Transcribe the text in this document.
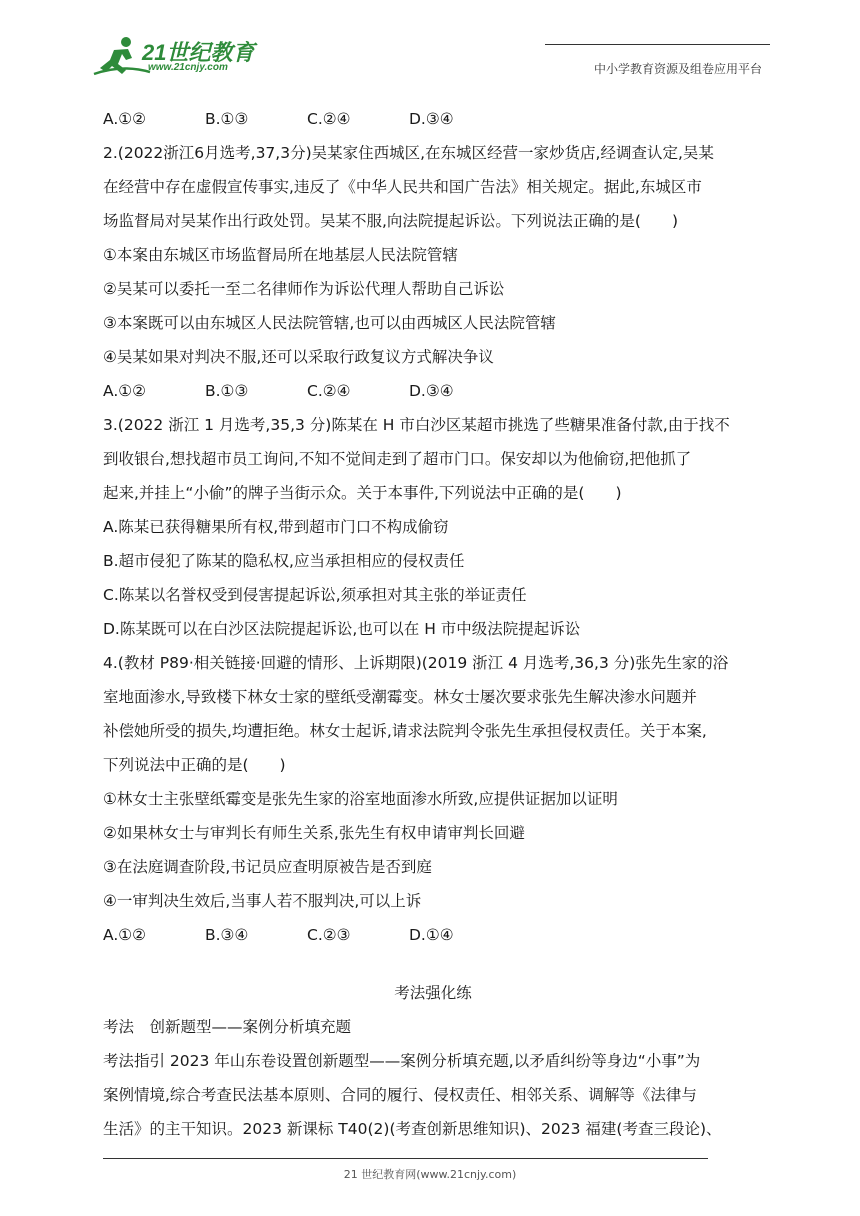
21世纪教育
www.21cnjy.com	中小学教育资源及组卷应用平台
A.①②	B.①③	C.②④	D.③④
2.(2022浙江6月选考,37,3分)吴某家住西城区,在东城区经营一家炒货店,经调查认定,吴某
在经营中存在虚假宣传事实,违反了《中华人民共和国广告法》相关规定。据此,东城区市
场监督局对吴某作出行政处罚。吴某不服,向法院提起诉讼。下列说法正确的是(　　)
①本案由东城区市场监督局所在地基层人民法院管辖
②吴某可以委托一至二名律师作为诉讼代理人帮助自己诉讼
③本案既可以由东城区人民法院管辖,也可以由西城区人民法院管辖
④吴某如果对判决不服,还可以采取行政复议方式解决争议
A.①②	B.①③	C.②④	D.③④
3.(2022 浙江 1 月选考,35,3 分)陈某在 H 市白沙区某超市挑选了些糖果准备付款,由于找不
到收银台,想找超市员工询问,不知不觉间走到了超市门口。保安却以为他偷窃,把他抓了
起来,并挂上“小偷”的牌子当街示众。关于本事件,下列说法中正确的是(　　)
A.陈某已获得糖果所有权,带到超市门口不构成偷窃
B.超市侵犯了陈某的隐私权,应当承担相应的侵权责任
C.陈某以名誉权受到侵害提起诉讼,须承担对其主张的举证责任
D.陈某既可以在白沙区法院提起诉讼,也可以在 H 市中级法院提起诉讼
4.(教材 P89·相关链接·回避的情形、上诉期限)(2019 浙江 4 月选考,36,3 分)张先生家的浴
室地面渗水,导致楼下林女士家的壁纸受潮霉变。林女士屡次要求张先生解决渗水问题并
补偿她所受的损失,均遭拒绝。林女士起诉,请求法院判令张先生承担侵权责任。关于本案,
下列说法中正确的是(　　)
①林女士主张壁纸霉变是张先生家的浴室地面渗水所致,应提供证据加以证明
②如果林女士与审判长有师生关系,张先生有权申请审判长回避
③在法庭调查阶段,书记员应查明原被告是否到庭
④一审判决生效后,当事人若不服判决,可以上诉
A.①②	B.③④	C.②③	D.①④
考法强化练
考法　创新题型——案例分析填充题
考法指引 2023 年山东卷设置创新题型——案例分析填充题,以矛盾纠纷等身边“小事”为
案例情境,综合考查民法基本原则、合同的履行、侵权责任、相邻关系、调解等《法律与
生活》的主干知识。2023 新课标 T40(2)(考查创新思维知识)、2023 福建(考查三段论)、
21 世纪教育网(www.21cnjy.com)
